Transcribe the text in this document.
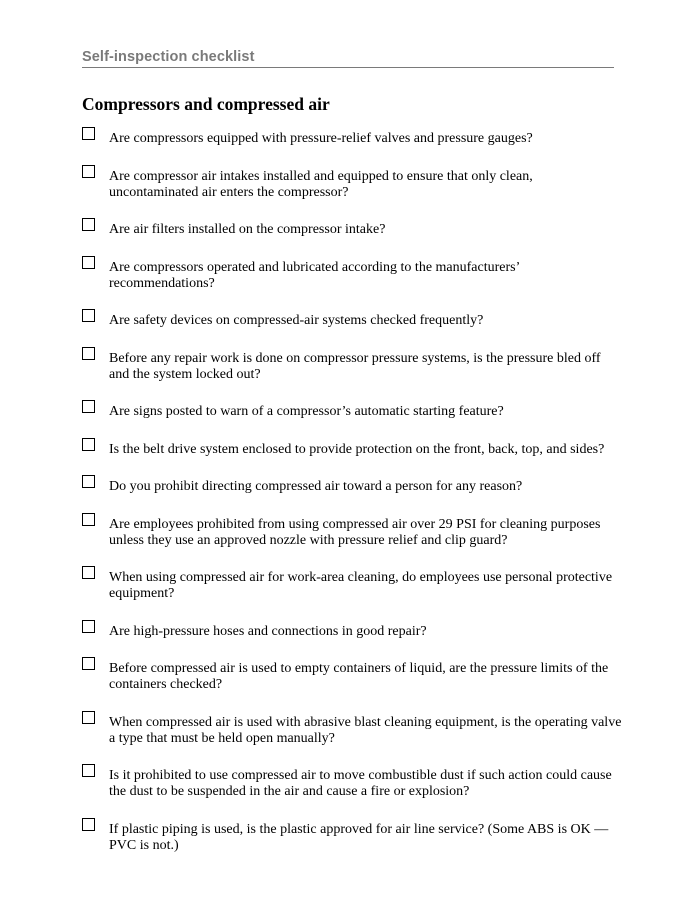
Self-inspection checklist
Compressors and compressed air
Are compressors equipped with pressure-relief valves and pressure gauges?
Are compressor air intakes installed and equipped to ensure that only clean, uncontaminated air enters the compressor?
Are air filters installed on the compressor intake?
Are compressors operated and lubricated according to the manufacturers’ recommendations?
Are safety devices on compressed-air systems checked frequently?
Before any repair work is done on compressor pressure systems, is the pressure bled off and the system locked out?
Are signs posted to warn of a compressor’s automatic starting feature?
Is the belt drive system enclosed to provide protection on the front, back, top, and sides?
Do you prohibit directing compressed air toward a person for any reason?
Are employees prohibited from using compressed air over 29 PSI for cleaning purposes unless they use an approved nozzle with pressure relief and clip guard?
When using compressed air for work-area cleaning, do employees use personal protective equipment?
Are high-pressure hoses and connections in good repair?
Before compressed air is used to empty containers of liquid, are the pressure limits of the containers checked?
When compressed air is used with abrasive blast cleaning equipment, is the operating valve a type that must be held open manually?
Is it prohibited to use compressed air to move combustible dust if such action could cause the dust to be suspended in the air and cause a fire or explosion?
If plastic piping is used, is the plastic approved for air line service? (Some ABS is OK — PVC is not.)
